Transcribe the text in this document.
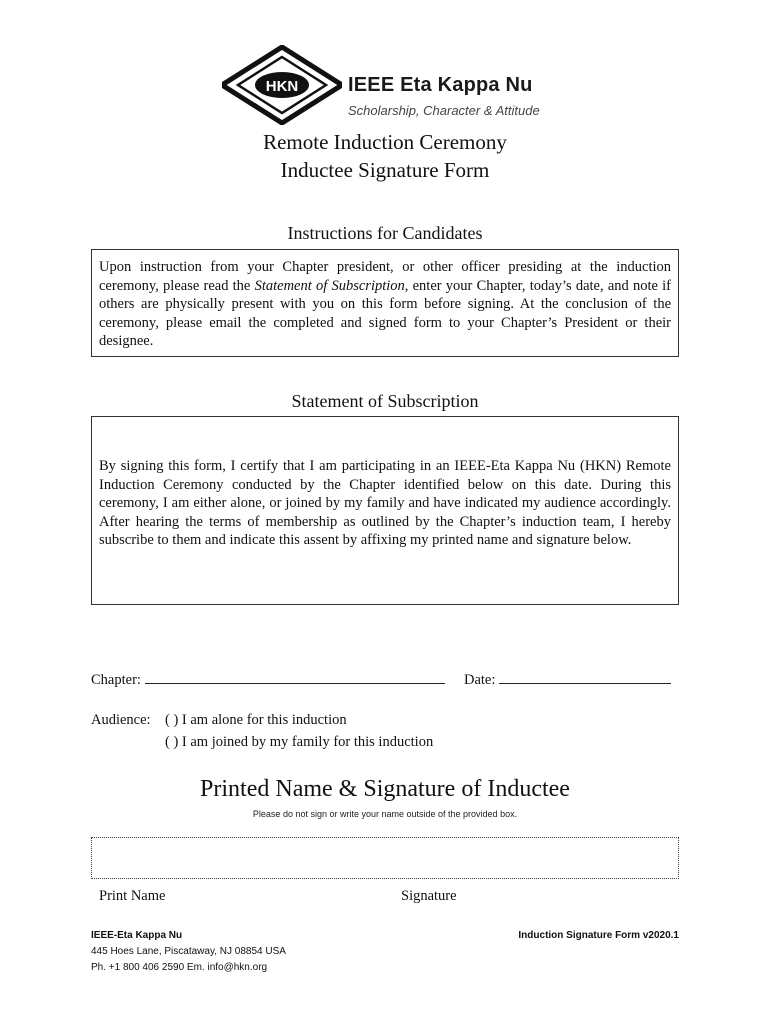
HKN IEEE Eta Kappa Nu
Scholarship, Character & Attitude
Remote Induction Ceremony
Inductee Signature Form
Instructions for Candidates

Upon instruction from your Chapter president, or other officer presiding at the induction ceremony, please read the Statement of Subscription, enter your Chapter, today’s date, and note if others are physically present with you on this form before signing. At the conclusion of the ceremony, please email the completed and signed form to your Chapter’s President or their designee.

Statement of Subscription

By signing this form, I certify that I am participating in an IEEE-Eta Kappa Nu (HKN) Remote Induction Ceremony conducted by the Chapter identified below on this date. During this ceremony, I am either alone, or joined by my family and have indicated my audience accordingly. After hearing the terms of membership as outlined by the Chapter’s induction team, I hereby subscribe to them and indicate this assent by affixing my printed name and signature below.

Chapter:	Date:
Audience: ( ) I am alone for this induction
( ) I am joined by my family for this induction
Printed Name & Signature of Inductee
Please do not sign or write your name outside of the provided box.
Print Name	Signature
IEEE-Eta Kappa Nu
445 Hoes Lane, Piscataway, NJ 08854 USA
Ph. +1 800 406 2590 Em. info@hkn.org
Induction Signature Form v2020.1
